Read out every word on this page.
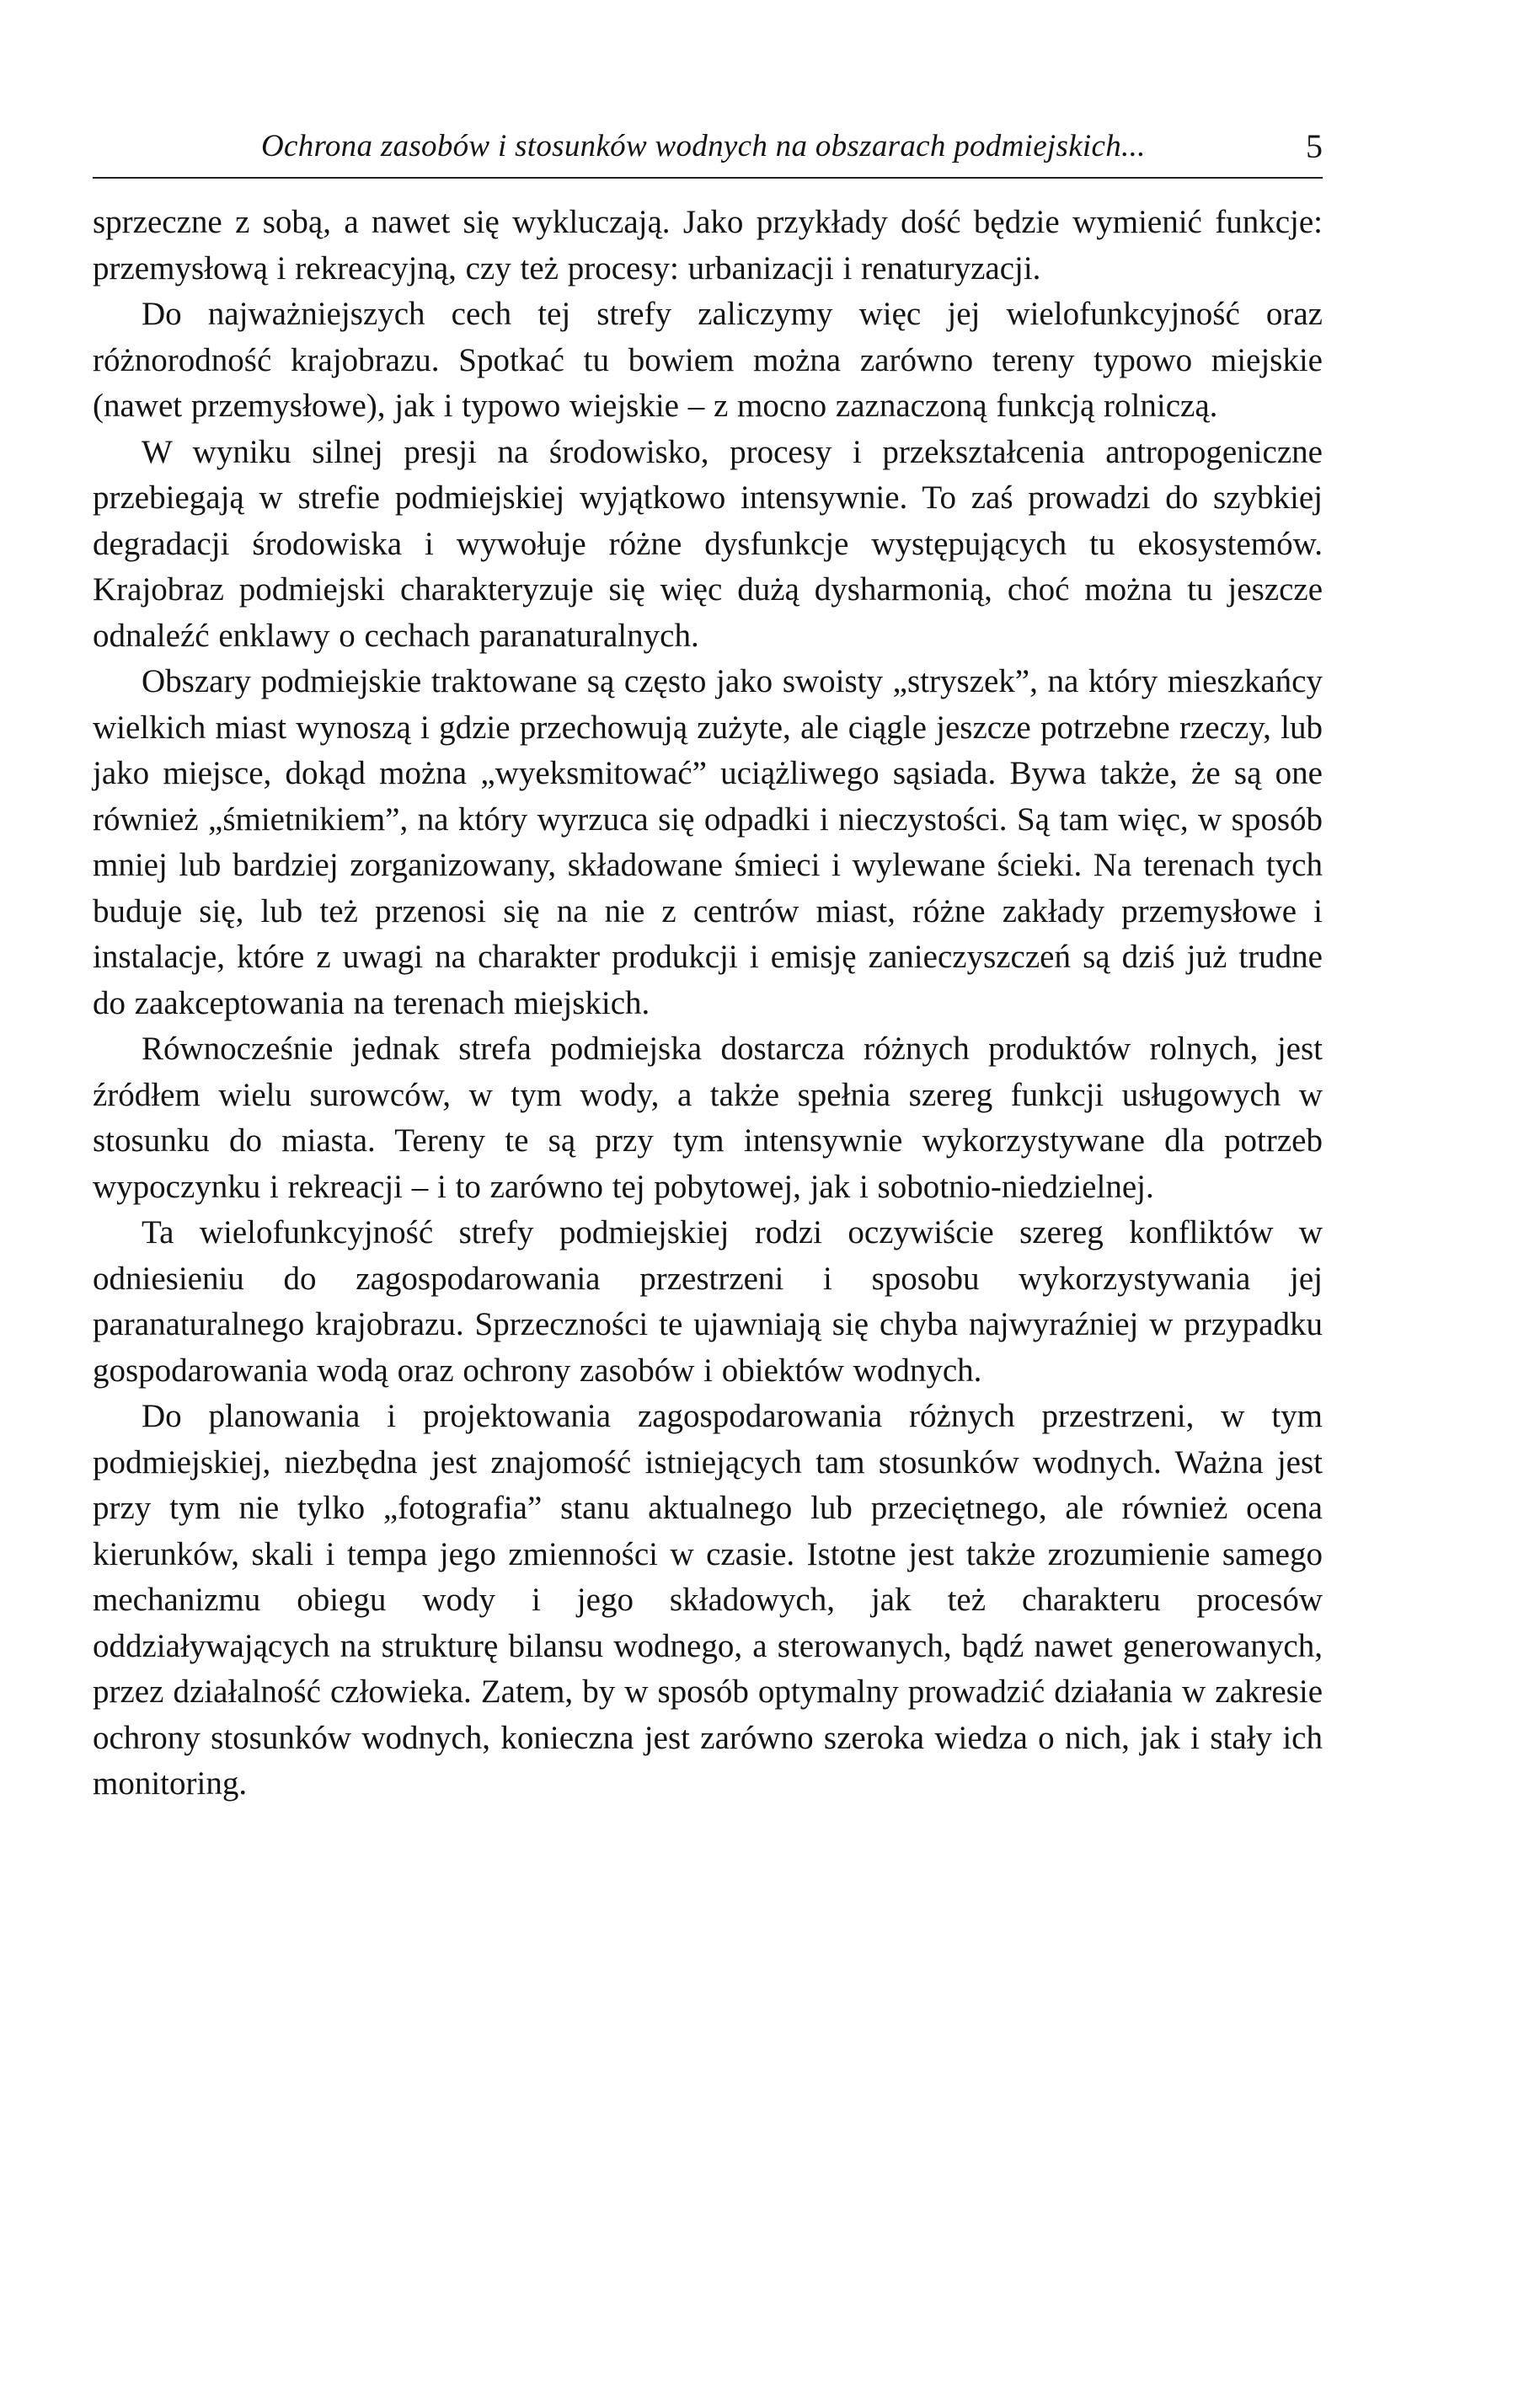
Ochrona zasobów i stosunków wodnych na obszarach podmiejskich...	5

sprzeczne z sobą, a nawet się wykluczają. Jako przykłady dość będzie wymienić funkcje: przemysłową i rekreacyjną, czy też procesy: urbanizacji i renaturyzacji.

Do najważniejszych cech tej strefy zaliczymy więc jej wielofunkcyjność oraz różnorodność krajobrazu. Spotkać tu bowiem można zarówno tereny typowo miejskie (nawet przemysłowe), jak i typowo wiejskie – z mocno zaznaczoną funkcją rolniczą.

W wyniku silnej presji na środowisko, procesy i przekształcenia antropogeniczne przebiegają w strefie podmiejskiej wyjątkowo intensywnie. To zaś prowadzi do szybkiej degradacji środowiska i wywołuje różne dysfunkcje występujących tu ekosystemów. Krajobraz podmiejski charakteryzuje się więc dużą dysharmonią, choć można tu jeszcze odnaleźć enklawy o cechach paranaturalnych.

Obszary podmiejskie traktowane są często jako swoisty „stryszek”, na który mieszkańcy wielkich miast wynoszą i gdzie przechowują zużyte, ale ciągle jeszcze potrzebne rzeczy, lub jako miejsce, dokąd można „wyeksmitować” uciążliwego sąsiada. Bywa także, że są one również „śmietnikiem”, na który wyrzuca się odpadki i nieczystości. Są tam więc, w sposób mniej lub bardziej zorganizowany, składowane śmieci i wylewane ścieki. Na terenach tych buduje się, lub też przenosi się na nie z centrów miast, różne zakłady przemysłowe i instalacje, które z uwagi na charakter produkcji i emisję zanieczyszczeń są dziś już trudne do zaakceptowania na terenach miejskich.

Równocześnie jednak strefa podmiejska dostarcza różnych produktów rolnych, jest źródłem wielu surowców, w tym wody, a także spełnia szereg funkcji usługowych w stosunku do miasta. Tereny te są przy tym intensywnie wykorzystywane dla potrzeb wypoczynku i rekreacji – i to zarówno tej pobytowej, jak i sobotnio-niedzielnej.

Ta wielofunkcyjność strefy podmiejskiej rodzi oczywiście szereg konfliktów w odniesieniu do zagospodarowania przestrzeni i sposobu wykorzystywania jej paranaturalnego krajobrazu. Sprzeczności te ujawniają się chyba najwyraźniej w przypadku gospodarowania wodą oraz ochrony zasobów i obiektów wodnych.

Do planowania i projektowania zagospodarowania różnych przestrzeni, w tym podmiejskiej, niezbędna jest znajomość istniejących tam stosunków wodnych. Ważna jest przy tym nie tylko „fotografia” stanu aktualnego lub przeciętnego, ale również ocena kierunków, skali i tempa jego zmienności w czasie. Istotne jest także zrozumienie samego mechanizmu obiegu wody i jego składowych, jak też charakteru procesów oddziaływających na strukturę bilansu wodnego, a sterowanych, bądź nawet generowanych, przez działalność człowieka. Zatem, by w sposób optymalny prowadzić działania w zakresie ochrony stosunków wodnych, konieczna jest zarówno szeroka wiedza o nich, jak i stały ich monitoring.
